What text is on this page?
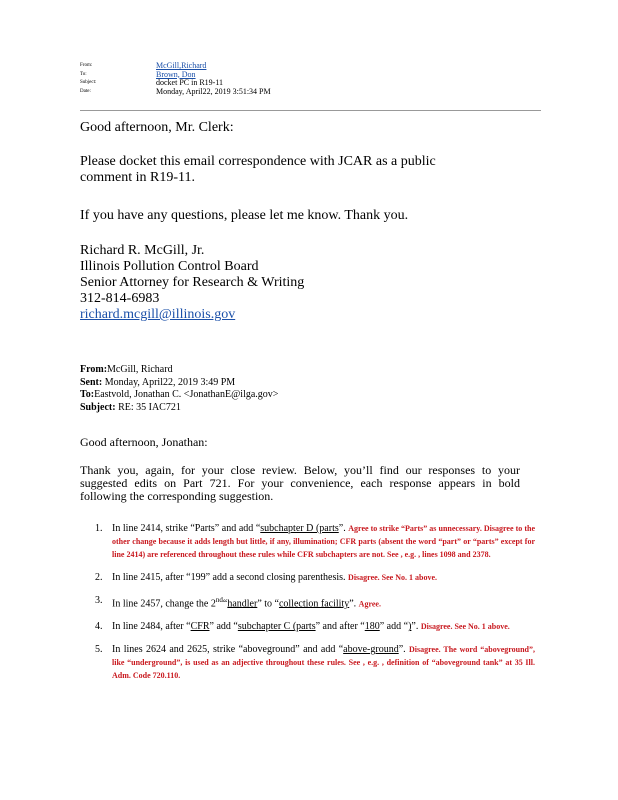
From:	McGill,Richard
To:	Brown, Don
Subject:	docket PC in R19-11
Date:	Monday, April22, 2019 3:51:34 PM

Good afternoon, Mr. Clerk:

Please docket this email correspondence with JCAR as a public

comment in R19-11.

If you have any questions, please let me know. Thank you.

Richard R. McGill, Jr.

Illinois Pollution Control Board

Senior Attorney for Research & Writing

312-814-6983

richard.mcgill@illinois.gov

From:McGill, Richard
Sent: Monday, April22, 2019 3:49 PM
To:Eastvold, Jonathan C. <JonathanE@ilga.gov>
Subject: RE: 35 IAC721
Good afternoon, Jonathan:
Thank you, again, for your close review. Below, you’ll find our responses to your suggested edits on Part 721. For your convenience, each response appears in bold following the corresponding suggestion.
1. In line 2414, strike “Parts” and add “subchapter D (parts”. Agree to strike “Parts” as unnecessary. Disagree to the other change because it adds length but little, if any, illumination; CFR parts (absent the word “part” or “parts” except for line 2414) are referenced throughout these rules while CFR subchapters are not. See , e.g. , lines 1098 and 2378.
2. In line 2415, after “199” add a second closing parenthesis. Disagree. See No. 1 above.
3. In line 2457, change the 2nd“handler” to “collection facility”. Agree.
4. In line 2484, after “CFR” add “subchapter C (parts” and after “180” add “)”. Disagree. See No. 1 above.
5. In lines 2624 and 2625, strike “aboveground” and add “above-ground”. Disagree. The word “aboveground”, like “underground”, is used as an adjective throughout these rules. See , e.g. , definition of “aboveground tank” at 35 Ill. Adm. Code 720.110.
